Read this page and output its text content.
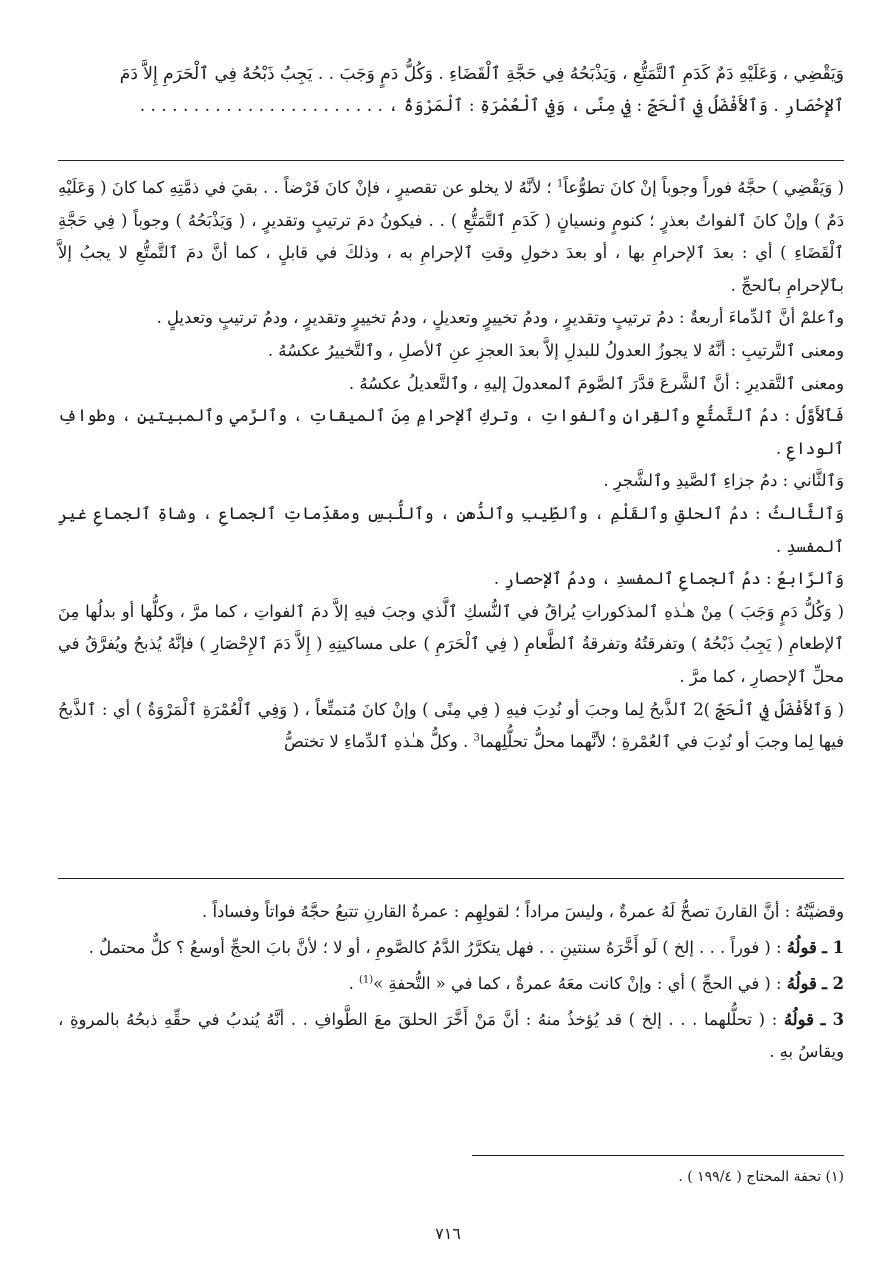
وَيَقْضِي ، وَعَلَيْهِ دَمٌ كَدَمِ ٱلتَّمَتُّعِ ، وَيَذْبَحُهُ فِي حَجَّةِ ٱلْقَضَاءِ . وَكُلُّ دَمٍ وَجَبَ . . يَجِبُ ذَبْحُهُ فِي ٱلْحَرَمِ إِلاَّ دَمَ

ٱلإِحْصَارِ . وَٱلأَفْضَلُ فِي ٱلْحَجِّ : فِي مِنًى ، وَفِي ٱلْعُمْرَةِ : ٱلْمَرْوَةُ ، . . . . . . . . . . . . . . . . . . . . . . .

( وَيَقْضِي ) حجَّهُ فوراً وجوباً إنْ كانَ تطوُّعاً$^1$ ؛ لأنَّهُ لا يخلو عن تقصيرٍ ، فإنْ كانَ فَرْضاً . . بقيَ في ذمَّتِهِ كما كانَ ( وَعَلَيْهِ دَمٌ ) وإنْ كانَ ٱلفواتُ بعذرٍ ؛ كنومٍ ونسيانٍ ( كَدَمِ ٱلتَّمَتُّعِ ) . . فيكونُ دمَ ترتيبٍ وتقديرٍ ، ( وَيَذْبَحُهُ ) وجوباً ( فِي حَجَّةِ ٱلْقَضَاءِ ) أي : بعدَ ٱلإحرامِ بها ، أو بعدَ دخولِ وقتِ ٱلإحرامِ به ، وذلكَ في قابلٍ ، كما أنَّ دمَ ٱلتَّمتُّعِ لا يجبُ إلاَّ بٱلإحرامِ بٱلحجِّ .

وٱعلمْ أنَّ ٱلدِّماءَ أربعةٌ : دمُ ترتيبٍ وتقديرٍ ، ودمُ تخييرٍ وتعديلٍ ، ودمُ تخييرٍ وتقديرٍ ، ودمُ ترتيبٍ وتعديلٍ .

ومعنى ٱلتَّرتيبِ : أنَّهُ لا يجوزُ العدولُ للبدلِ إلاَّ بعدَ العجزِ عنِ ٱلأصلِ ، وٱلتَّخييرُ عكسُهُ .

ومعنى ٱلتَّقديرِ : أنَّ ٱلشَّرعَ قدَّرَ ٱلصَّومَ ٱلمعدولَ إليهِ ، وٱلتَّعديلُ عكسُهُ .

فَٱلأَوَّلُ : دمُ ٱلتَّمتُّعِ وٱلقِرانِ وٱلفواتِ ، وتركِ ٱلإحرامِ مِنَ ٱلميقاتِ ، وٱلرَّمي وٱلمبيتينِ ، وطوافِ ٱلوداعِ .

وَٱلثَّاني : دمُ جزاءِ ٱلصَّيدِ وٱلشَّجرِ .

وَٱلثَّالثُ : دمُ ٱلحلقِ وٱلقَلْمِ ، وٱلطِّيبِ وٱلدُّهنِ ، وٱللُّبسِ ومقدِّماتِ ٱلجماعِ ، وشاةِ ٱلجماعِ غيرِ ٱلمفسدِ .

وَٱلرَّابعُ : دمُ ٱلجماعِ ٱلمفسدِ ، ودمُ ٱلإحصارِ .

( وَكُلُّ دَمٍ وَجَبَ ) مِنْ هـٰذهِ ٱلمذكوراتِ يُراقُ في ٱلنُّسكِ ٱلَّذي وجبَ فيهِ إلاَّ دمَ ٱلفواتِ ، كما مرَّ ، وكلُّها أو بدلُها مِنَ ٱلإطعامِ ( يَجِبُ ذَبْحُهُ ) وتفرقتُهُ وتفرقةُ ٱلطَّعامِ ( فِي ٱلْحَرَمِ ) على مساكينِهِ ( إِلاَّ دَمَ ٱلإِحْصَارِ ) فإنَّهُ يُذبحُ ويُفرَّقُ في محلِّ ٱلإحصارِ ، كما مرَّ .

( وَٱلأَفْضَلُ فِي ٱلْحَجِّ )2 ٱلذَّبحُ لِما وجبَ أو نُدِبَ فيهِ ( فِي مِنًى ) وإنْ كانَ مُتمتِّعاً ، ( وَفِي ٱلْعُمْرَةِ ٱلْمَرْوَةُ ) أي : ٱلذَّبحُ فيها لِما وجبَ أو نُدِبَ في ٱلعُمْرةِ ؛ لأنَّهما محلُّ تحلُّلِهما$^3$ . وكلُّ هـٰذهِ ٱلدِّماءِ لا تختصُّ

وقضيَّتُهُ : أنَّ القارنَ تصحُّ لَهُ عمرةٌ ، وليسَ مراداً ؛ لقولِهِم : عمرةُ القارنِ تتبعُ حجَّهُ فواتاً وفساداً .

1 ـ قولُهُ : ( فوراً . . . إلخ ) لَو أَخَّرَهُ سنتينِ . . فهل يتكرَّرُ الدَّمُ كالصَّومِ ، أو لا ؛ لأنَّ بابَ الحجِّ أوسعُ ؟ كلٌّ محتملٌ .

2 ـ قولُهُ : ( في الحجِّ ) أي : وإنْ كانت معَهُ عمرةٌ ، كما في « التُّحفةِ »$^{(1)}$ .

3 ـ قولُهُ : ( تحلُّلهما . . . إلخ ) قد يُؤخذُ منهُ : أنَّ مَنْ أَخَّرَ الحلقَ معَ الطَّوافِ . . أنَّهُ يُندبُ في حقِّهِ ذبحُهُ بالمروةِ ، ويقاسُ بهِ .

(١) تحفة المحتاج ( ١٩٩/٤ ) .
٧١٦
